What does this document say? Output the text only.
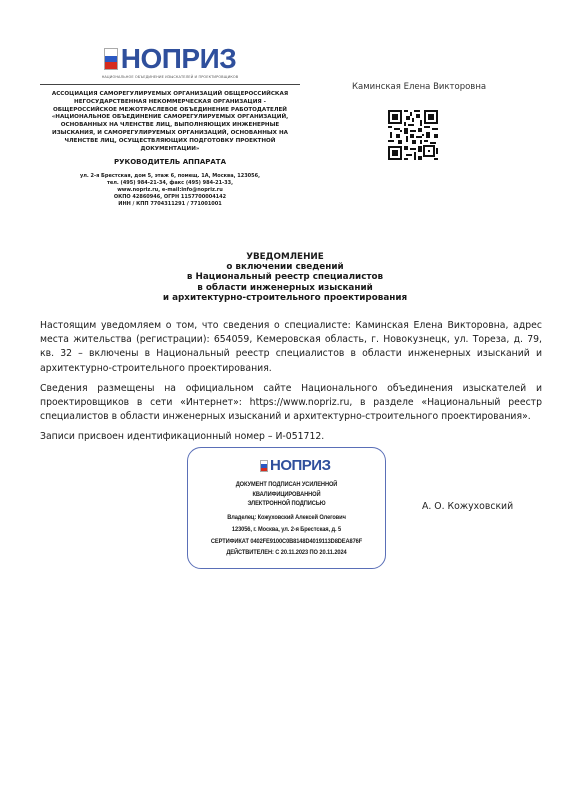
НОПРИЗ
НАЦИОНАЛЬНОЕ ОБЪЕДИНЕНИЕ ИЗЫСКАТЕЛЕЙ И ПРОЕКТИРОВЩИКОВ
АССОЦИАЦИЯ САМОРЕГУЛИРУЕМЫХ ОРГАНИЗАЦИЙ ОБЩЕРОССИЙСКАЯ НЕГОСУДАРСТВЕННАЯ НЕКОММЕРЧЕСКАЯ ОРГАНИЗАЦИЯ - ОБЩЕРОССИЙСКОЕ МЕЖОТРАСЛЕВОЕ ОБЪЕДИНЕНИЕ РАБОТОДАТЕЛЕЙ «НАЦИОНАЛЬНОЕ ОБЪЕДИНЕНИЕ САМОРЕГУЛИРУЕМЫХ ОРГАНИЗАЦИЙ, ОСНОВАННЫХ НА ЧЛЕНСТВЕ ЛИЦ, ВЫПОЛНЯЮЩИХ ИНЖЕНЕРНЫЕ ИЗЫСКАНИЯ, И САМОРЕГУЛИРУЕМЫХ ОРГАНИЗАЦИЙ, ОСНОВАННЫХ НА ЧЛЕНСТВЕ ЛИЦ, ОСУЩЕСТВЛЯЮЩИХ ПОДГОТОВКУ ПРОЕКТНОЙ ДОКУМЕНТАЦИИ»
РУКОВОДИТЕЛЬ АППАРАТА
ул. 2-я Брестская, дом 5, этаж 6, помещ. 1А, Москва, 123056,
тел. (495) 984-21-34, факс (495) 984-21-33,
www.nopriz.ru, e-mail:info@nopriz.ru
ОКПО 42860946, ОГРН 1157700004142
ИНН / КПП 7704311291 / 771001001
Каминская Елена Викторовна
УВЕДОМЛЕНИЕ
о включении сведений
в Национальный реестр специалистов
в области инженерных изысканий
и архитектурно-строительного проектирования

Настоящим уведомляем о том, что сведения о специалисте: Каминская Елена Викторовна, адрес места жительства (регистрации): 654059, Кемеровская область, г. Новокузнецк, ул. Тореза, д. 79, кв. 32 – включены в Национальный реестр специалистов в области инженерных изысканий и архитектурно-строительного проектирования.

Сведения размещены на официальном сайте Национального объединения изыскателей и проектировщиков в сети «Интернет»: https://www.nopriz.ru, в разделе «Национальный реестр специалистов в области инженерных изысканий и архитектурно-строительного проектирования».

Записи присвоен идентификационный номер – И-051712.

НОПРИЗ
ДОКУМЕНТ ПОДПИСАН УСИЛЕННОЙ КВАЛИФИЦИРОВАННОЙ
ЭЛЕКТРОННОЙ ПОДПИСЬЮ
Владелец: Кожуховский Алексей Олегович
123056, г. Москва, ул. 2-я Брестская, д. 5
СЕРТИФИКАТ 0402FE9100C0B8148D4019113D8DEA876F
ДЕЙСТВИТЕЛЕН: С 20.11.2023 ПО 20.11.2024
А. О. Кожуховский
